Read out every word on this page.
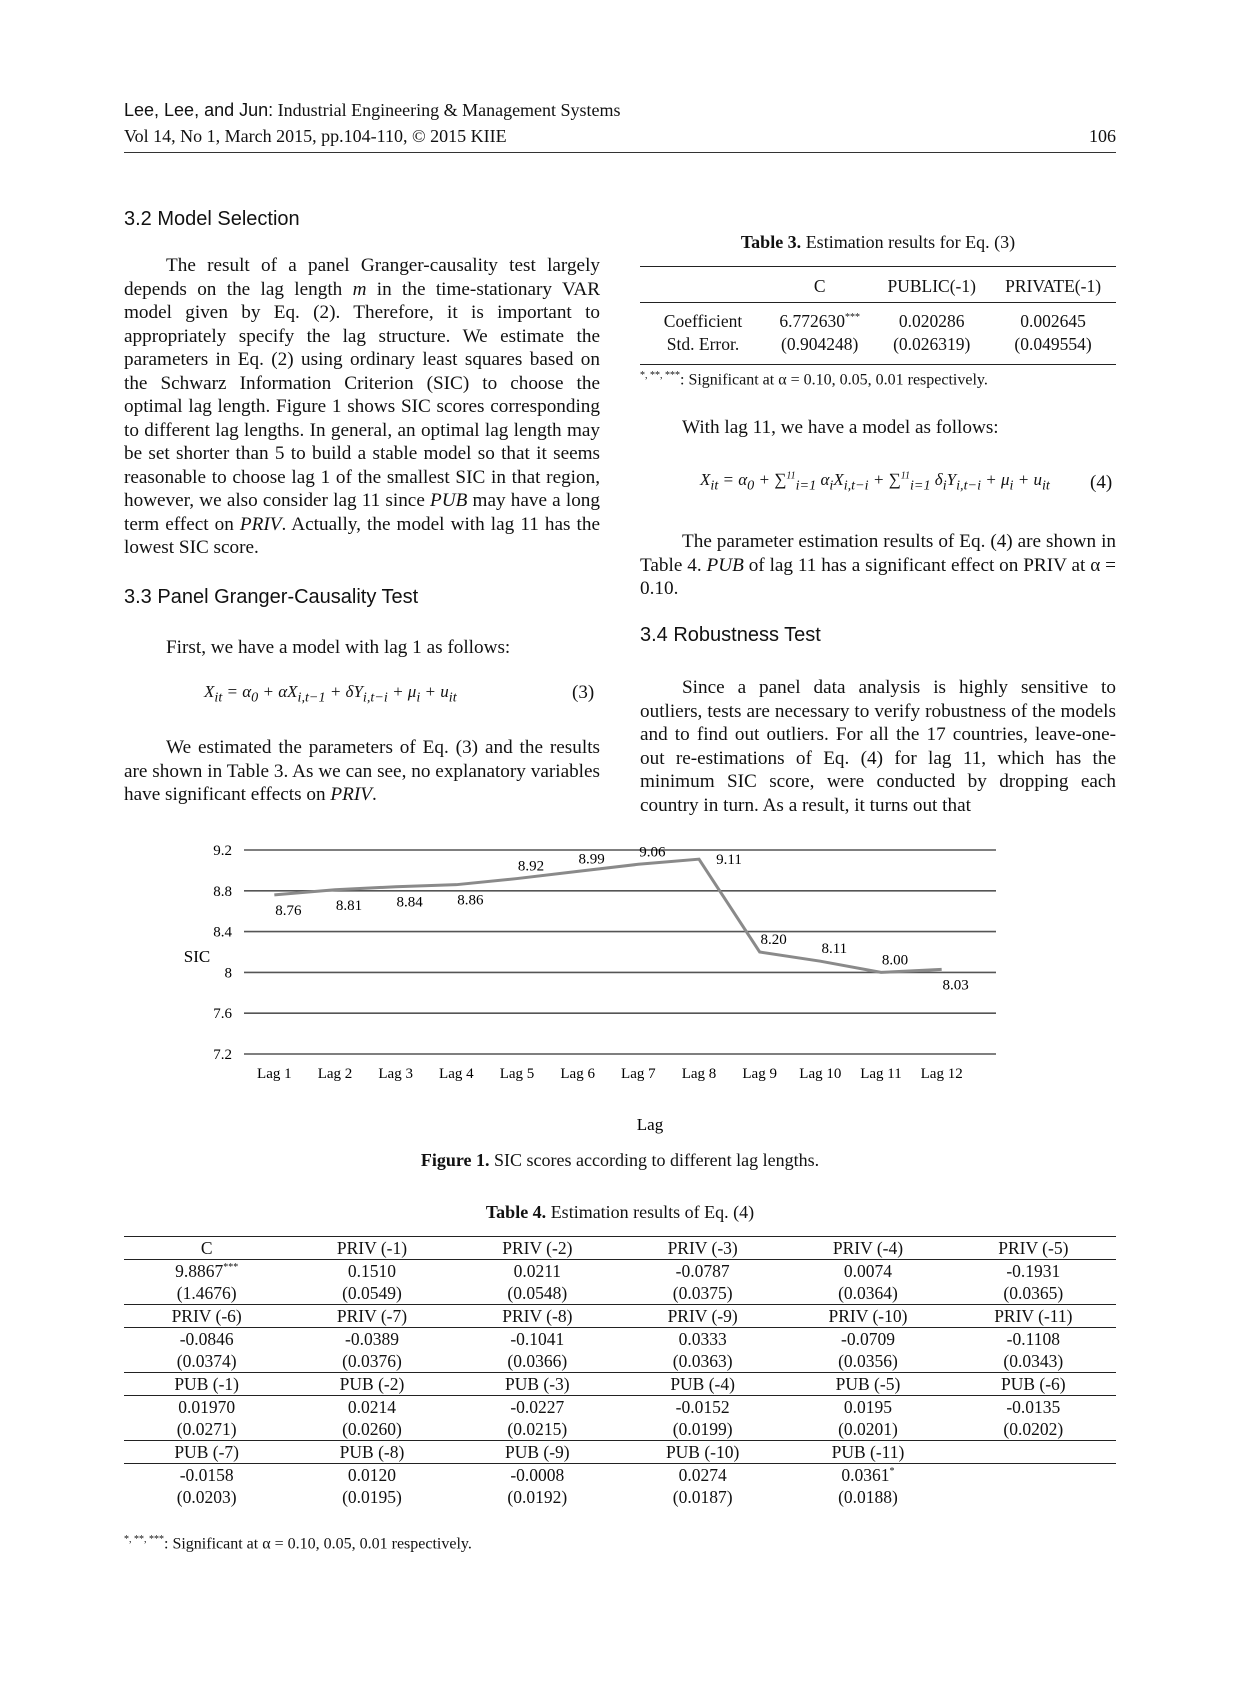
Lee, Lee, and Jun: Industrial Engineering & Management Systems
Vol 14, No 1, March 2015, pp.104-110, © 2015 KIIE	106
3.2 Model Selection

The result of a panel Granger-causality test largely depends on the lag length m in the time-stationary VAR model given by Eq. (2). Therefore, it is important to appropriately specify the lag structure. We estimate the parameters in Eq. (2) using ordinary least squares based on the Schwarz Information Criterion (SIC) to choose the optimal lag length. Figure 1 shows SIC scores corresponding to different lag lengths. In general, an optimal lag length may be set shorter than 5 to build a stable model so that it seems reasonable to choose lag 1 of the smallest SIC in that region, however, we also consider lag 11 since PUB may have a long term effect on PRIV. Actually, the model with lag 11 has the lowest SIC score.

3.3 Panel Granger-Causality Test

First, we have a model with lag 1 as follows:

$X_{it} = \alpha_0 + \alpha X_{i,t-1} + \delta Y_{i,t-i} + \mu_i + u_{it}$	(3)

We estimated the parameters of Eq. (3) and the results are shown in Table 3. As we can see, no explanatory variables have significant effects on PRIV.

Table 3. Estimation results for Eq. (3)
	C	PUBLIC(-1)	PRIVATE(-1)

Coefficient	6.772630***	0.020286	0.002645
Std. Error.	(0.904248)	(0.026319)	(0.049554)
*, **, ***: Significant at α = 0.10, 0.05, 0.01 respectively.

With lag 11, we have a model as follows:

$X_{it} = \alpha_0 + \sum^{11}_{i=1}$ $\alpha_iX_{i,t-i} + \sum^{11}_{i=1}$ $\delta_iY_{i,t-i} + \mu_i + u_{it}$ (4)

The parameter estimation results of Eq. (4) are shown in Table 4. PUB of lag 11 has a significant effect on PRIV at α = 0.10.

3.4 Robustness Test

Since a panel data analysis is highly sensitive to outliers, tests are necessary to verify robustness of the models and to find out outliers. For all the 17 countries, leave-one-out re-estimations of Eq. (4) for lag 11, which has the minimum SIC score, were conducted by dropping each country in turn. As a result, it turns out that

9.2
8.8
8.4
8
7.6
7.2
Lag 1 Lag 2 Lag 3 Lag 4 Lag 5 Lag 6 Lag 7 Lag 8 Lag 9 Lag 10 Lag 11 Lag 12
8.76 8.81 8.84 8.86
8.92 8.99 9.06	9.11
8.20
8.11
8.00
8.03
SIC
Lag
Figure 1. SIC scores according to different lag lengths.
Table 4. Estimation results of Eq. (4)
C	PRIV (-1)	PRIV (-2)	PRIV (-3)	PRIV (-4)	PRIV (-5)
9.8867***	0.1510	0.0211	-0.0787	0.0074	-0.1931
(1.4676)	(0.0549)	(0.0548)	(0.0375)	(0.0364)	(0.0365)
PRIV (-6)	PRIV (-7)	PRIV (-8)	PRIV (-9)	PRIV (-10)	PRIV (-11)
-0.0846	-0.0389	-0.1041	0.0333	-0.0709	-0.1108
(0.0374)	(0.0376)	(0.0366)	(0.0363)	(0.0356)	(0.0343)
PUB (-1)	PUB (-2)	PUB (-3)	PUB (-4)	PUB (-5)	PUB (-6)
0.01970	0.0214	-0.0227	-0.0152	0.0195	-0.0135
(0.0271)	(0.0260)	(0.0215)	(0.0199)	(0.0201)	(0.0202)
PUB (-7)	PUB (-8)	PUB (-9)	PUB (-10)	PUB (-11)	
-0.0158	0.0120	-0.0008	0.0274	0.0361*	
(0.0203)	(0.0195)	(0.0192)	(0.0187)	(0.0188)	
*, **, ***: Significant at α = 0.10, 0.05, 0.01 respectively.
